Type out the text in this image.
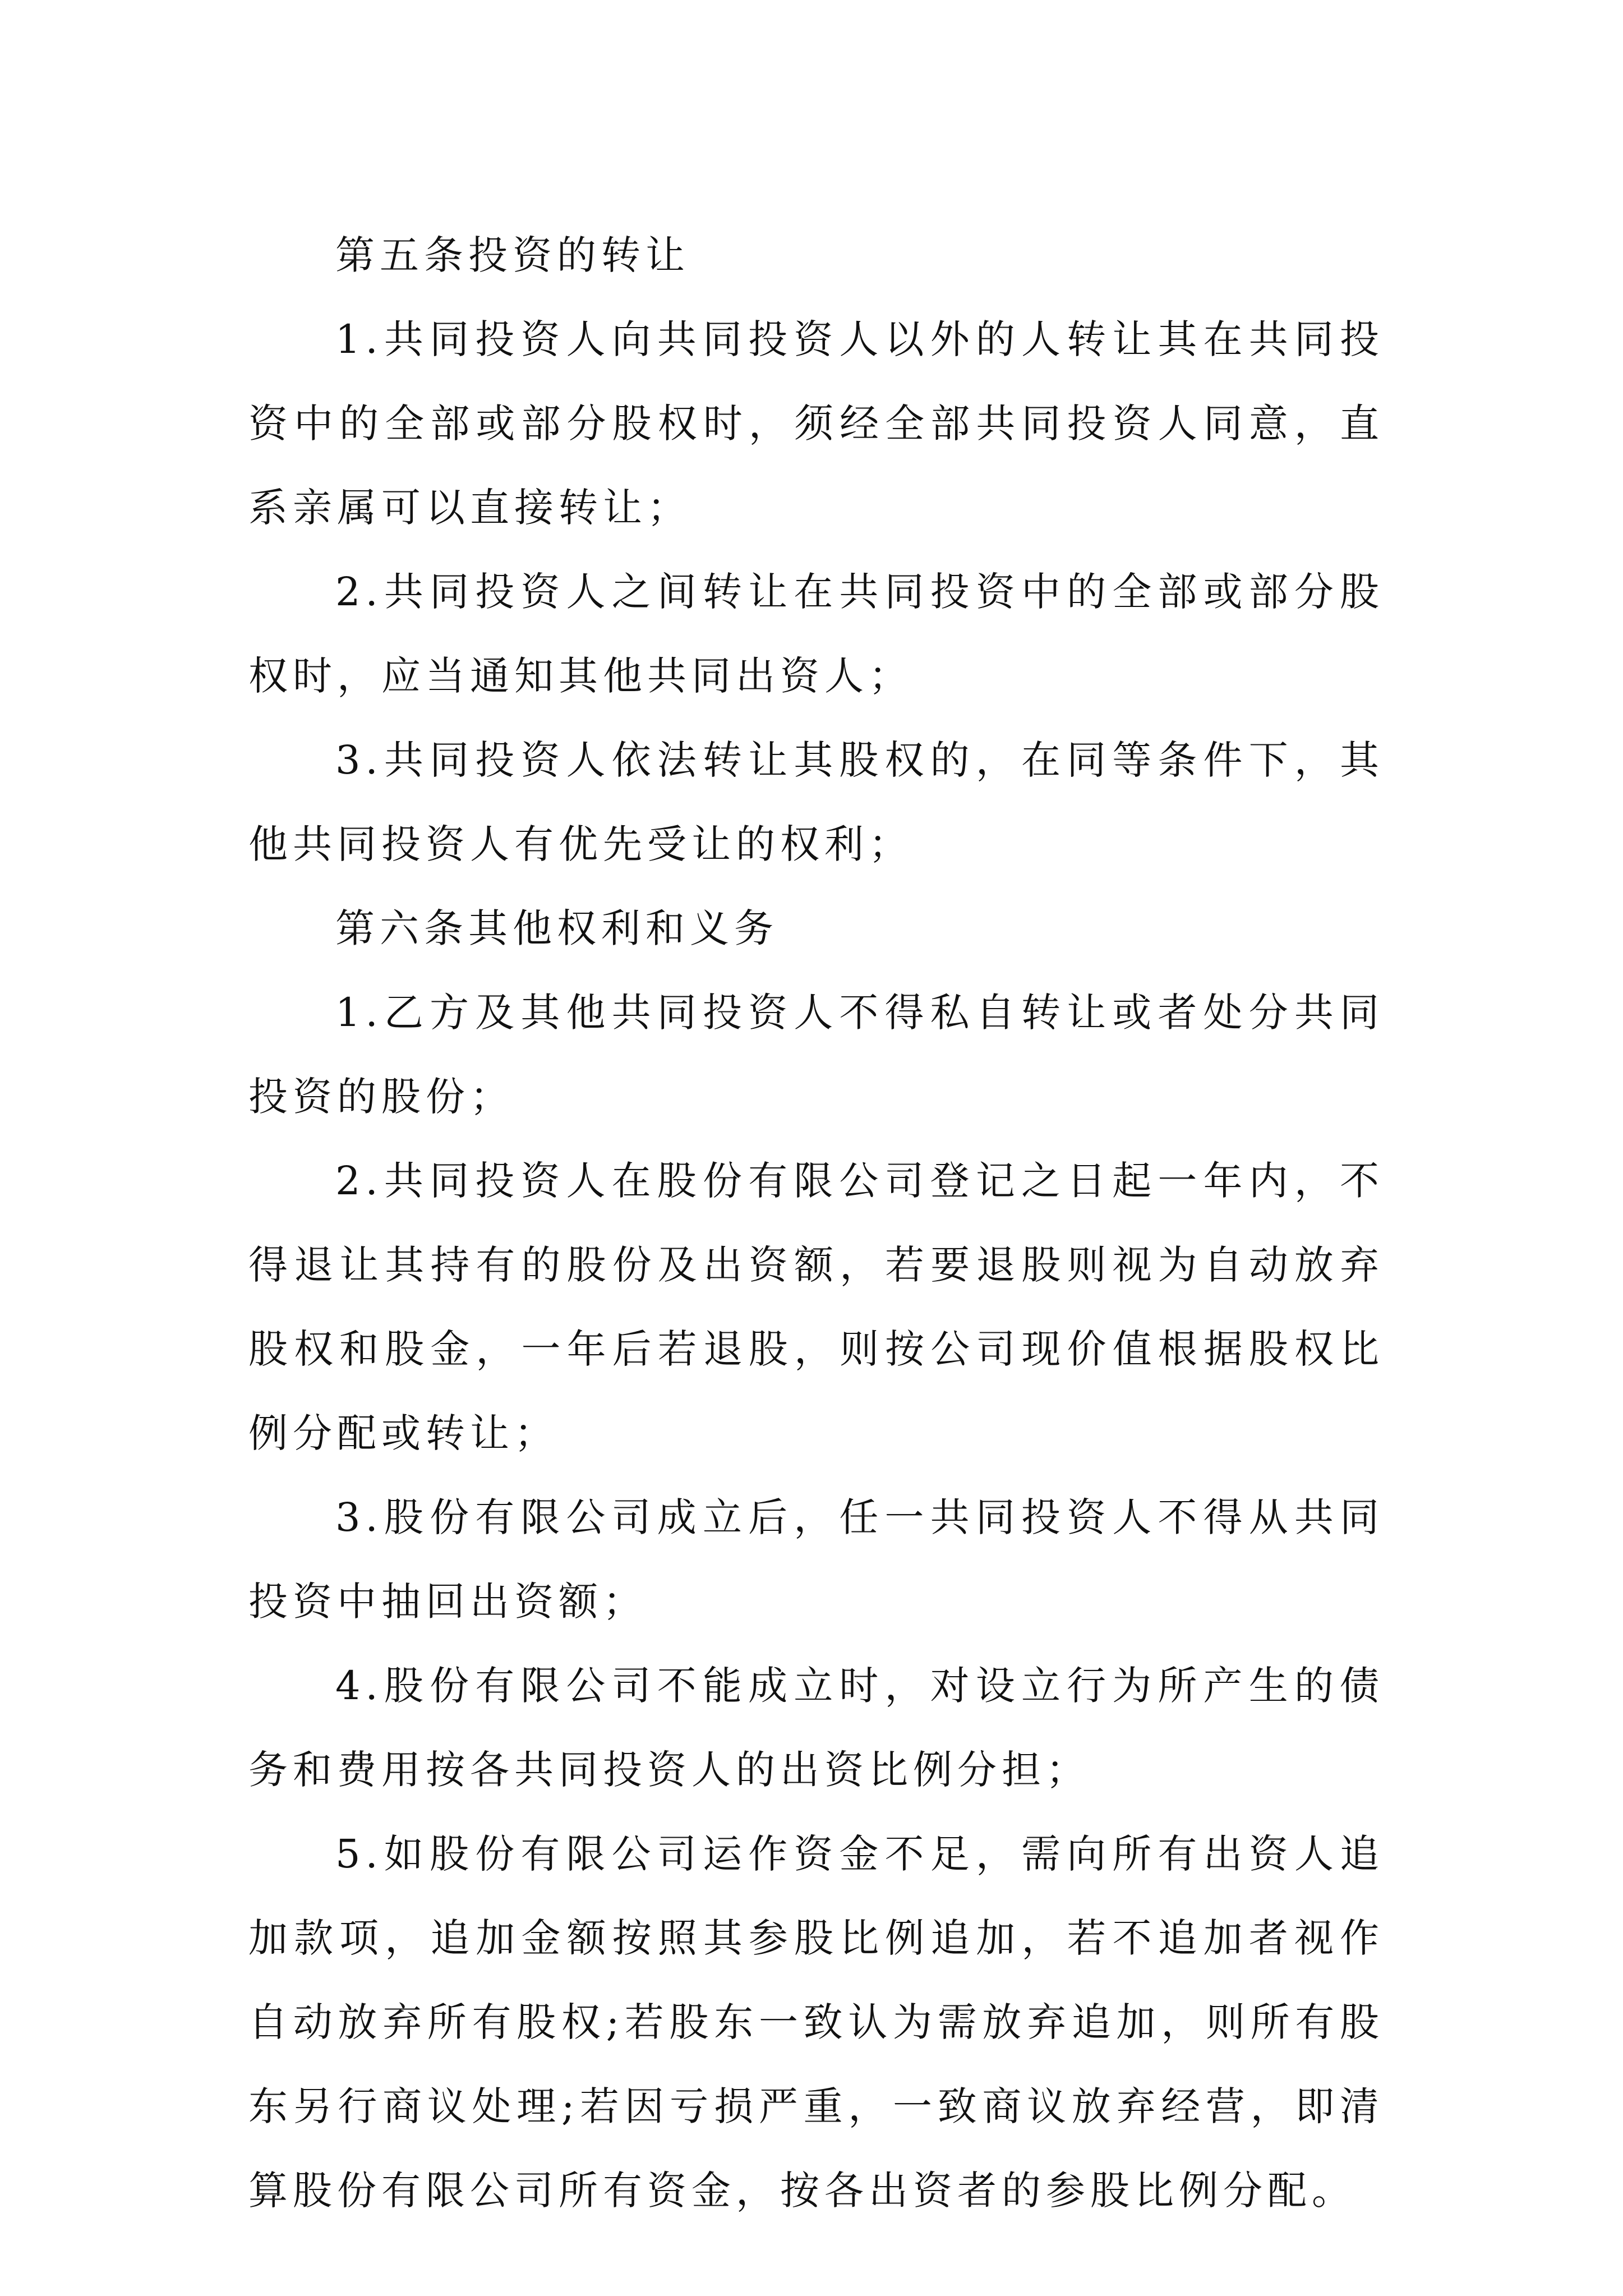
第五条投资的转让

1.共同投资人向共同投资人以外的人转让其在共同投资中的全部或部分股权时，须经全部共同投资人同意，直系亲属可以直接转让；

2.共同投资人之间转让在共同投资中的全部或部分股权时，应当通知其他共同出资人；

3.共同投资人依法转让其股权的，在同等条件下，其他共同投资人有优先受让的权利；

第六条其他权利和义务

1.乙方及其他共同投资人不得私自转让或者处分共同投资的股份；

2.共同投资人在股份有限公司登记之日起一年内，不得退让其持有的股份及出资额，若要退股则视为自动放弃股权和股金，一年后若退股，则按公司现价值根据股权比例分配或转让；

3.股份有限公司成立后，任一共同投资人不得从共同投资中抽回出资额；

4.股份有限公司不能成立时，对设立行为所产生的债务和费用按各共同投资人的出资比例分担；

5.如股份有限公司运作资金不足，需向所有出资人追加款项，追加金额按照其参股比例追加，若不追加者视作自动放弃所有股权;若股东一致认为需放弃追加，则所有股东另行商议处理;若因亏损严重，一致商议放弃经营，即清算股份有限公司所有资金，按各出资者的参股比例分配。
